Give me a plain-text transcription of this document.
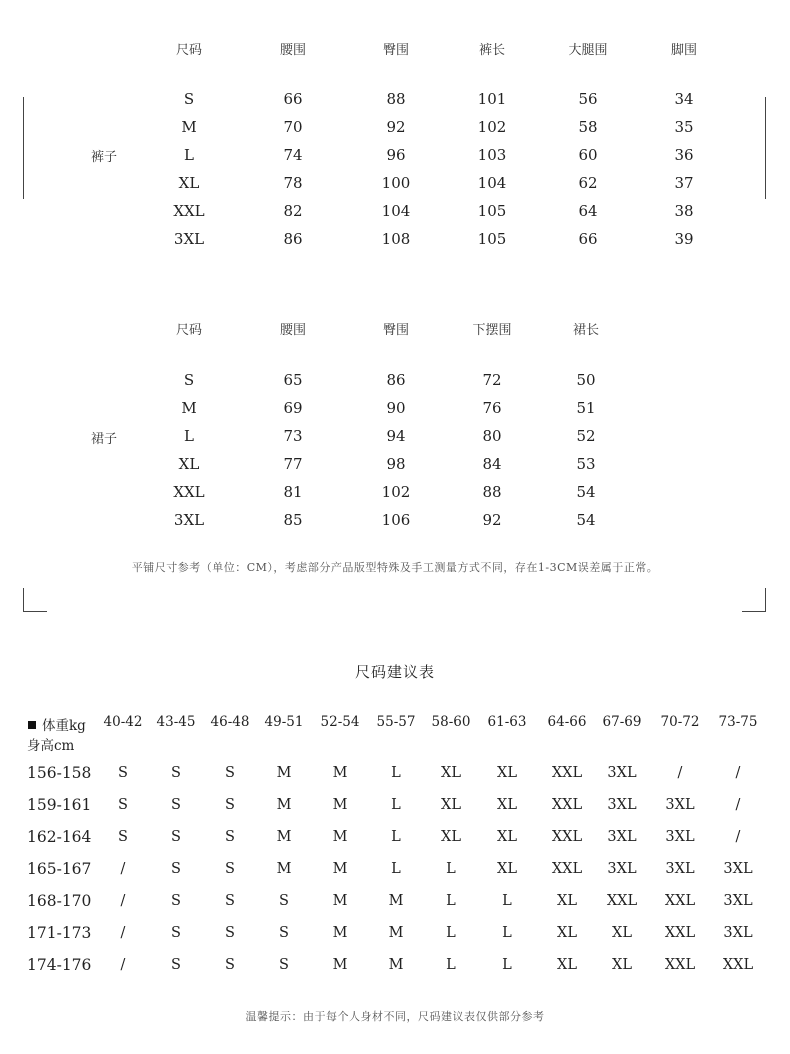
尺码	腰围	臀围	裤长	大腿围	脚围
S	66	88	101	56	34
M	70	92	102	58	35
L	74	96	103	60	36
XL	78	100	104	62	37
XXL	82	104	105	64	38
3XL	86	108	105	66	39
裤子
尺码	腰围	臀围	下摆围	裙长
S	65	86	72	50
M	69	90	76	51
L	73	94	80	52
XL	77	98	84	53
XXL	81	102	88	54
3XL	85	106	92	54
裙子
平铺尺寸参考（单位：CM），考虑部分产品版型特殊及手工测量方式不同，存在1-3CM误差属于正常。
尺码建议表
体重kg
身高cm
40-42	43-45	46-48	49-51	52-54	55-57	58-60	61-63	64-66	67-69	70-72	73-75
156-158	S	S	S	M	M	L	XL	XL	XXL	3XL	/	/
159-161	S	S	S	M	M	L	XL	XL	XXL	3XL	3XL	/
162-164	S	S	S	M	M	L	XL	XL	XXL	3XL	3XL	/
165-167	/	S	S	M	M	L	L	XL	XXL	3XL	3XL	3XL
168-170	/	S	S	S	M	M	L	L	XL	XXL	XXL	3XL
171-173	/	S	S	S	M	M	L	L	XL	XL	XXL	3XL
174-176	/	S	S	S	M	M	L	L	XL	XL	XXL	XXL
温馨提示：由于每个人身材不同，尺码建议表仅供部分参考
